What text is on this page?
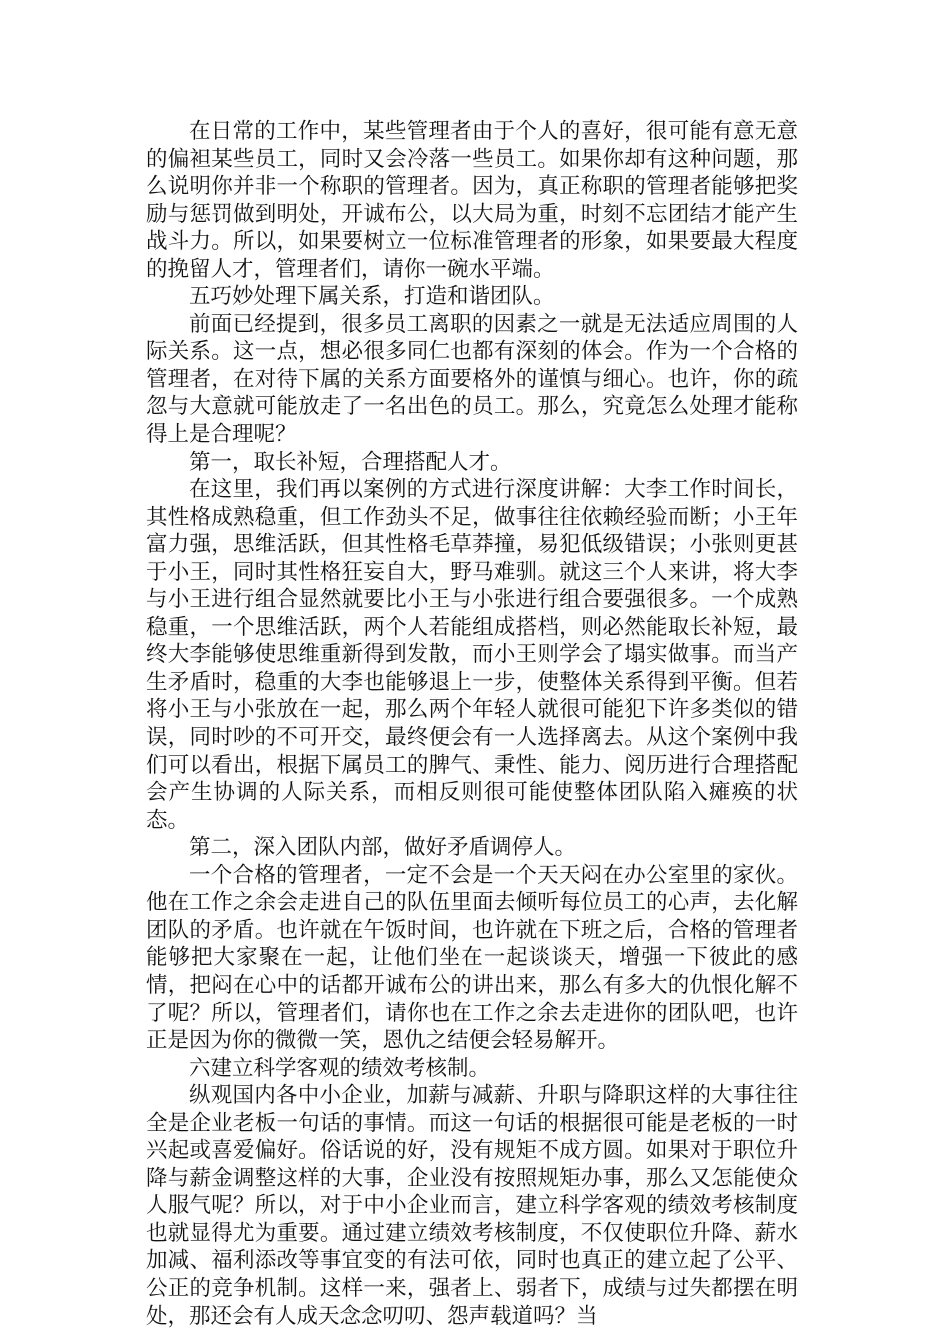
在日常的工作中，某些管理者由于个人的喜好，很可能有意无意的偏袒某些员工，同时又会冷落一些员工。如果你却有这种问题，那么说明你并非一个称职的管理者。因为，真正称职的管理者能够把奖励与惩罚做到明处，开诚布公，以大局为重，时刻不忘团结才能产生战斗力。所以，如果要树立一位标准管理者的形象，如果要最大程度的挽留人才，管理者们，请你一碗水平端。

五巧妙处理下属关系，打造和谐团队。

前面已经提到，很多员工离职的因素之一就是无法适应周围的人际关系。这一点，想必很多同仁也都有深刻的体会。作为一个合格的管理者，在对待下属的关系方面要格外的谨慎与细心。也许，你的疏忽与大意就可能放走了一名出色的员工。那么，究竟怎么处理才能称得上是合理呢？

第一，取长补短，合理搭配人才。

在这里，我们再以案例的方式进行深度讲解：大李工作时间长，其性格成熟稳重，但工作劲头不足，做事往往依赖经验而断；小王年富力强，思维活跃，但其性格毛草莽撞，易犯低级错误；小张则更甚于小王，同时其性格狂妄自大，野马难驯。就这三个人来讲，将大李与小王进行组合显然就要比小王与小张进行组合要强很多。一个成熟稳重，一个思维活跃，两个人若能组成搭档，则必然能取长补短，最终大李能够使思维重新得到发散，而小王则学会了塌实做事。而当产生矛盾时，稳重的大李也能够退上一步，使整体关系得到平衡。但若将小王与小张放在一起，那么两个年轻人就很可能犯下许多类似的错误，同时吵的不可开交，最终便会有一人选择离去。从这个案例中我们可以看出，根据下属员工的脾气、秉性、能力、阅历进行合理搭配会产生协调的人际关系，而相反则很可能使整体团队陷入瘫痪的状态。

第二，深入团队内部，做好矛盾调停人。

一个合格的管理者，一定不会是一个天天闷在办公室里的家伙。他在工作之余会走进自己的队伍里面去倾听每位员工的心声，去化解团队的矛盾。也许就在午饭时间，也许就在下班之后，合格的管理者能够把大家聚在一起，让他们坐在一起谈谈天，增强一下彼此的感情，把闷在心中的话都开诚布公的讲出来，那么有多大的仇恨化解不了呢？所以，管理者们，请你也在工作之余去走进你的团队吧，也许正是因为你的微微一笑，恩仇之结便会轻易解开。

六建立科学客观的绩效考核制。

纵观国内各中小企业，加薪与减薪、升职与降职这样的大事往往全是企业老板一句话的事情。而这一句话的根据很可能是老板的一时兴起或喜爱偏好。俗话说的好，没有规矩不成方圆。如果对于职位升降与薪金调整这样的大事，企业没有按照规矩办事，那么又怎能使众人服气呢？所以，对于中小企业而言，建立科学客观的绩效考核制度也就显得尤为重要。通过建立绩效考核制度，不仅使职位升降、薪水加减、福利添改等事宜变的有法可依，同时也真正的建立起了公平、公正的竞争机制。这样一来，强者上、弱者下，成绩与过失都摆在明处，那还会有人成天念念叨叨、怨声载道吗？当
